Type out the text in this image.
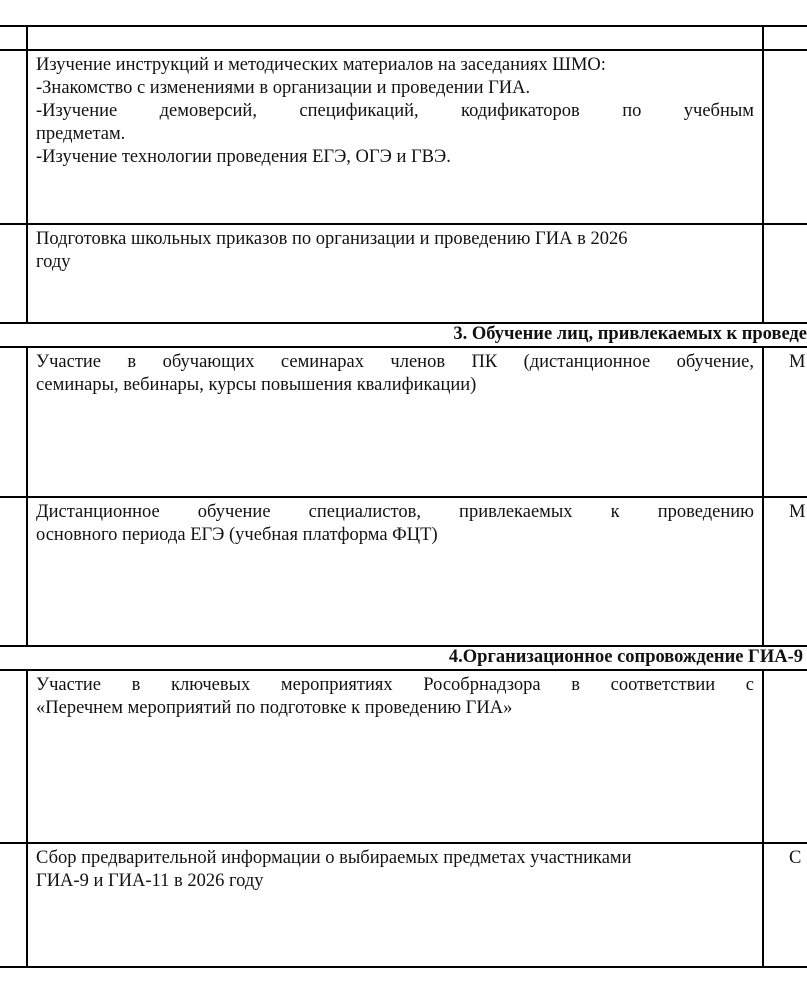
Изучение инструкций и методических материалов на заседаниях ШМО:

-Знакомство с изменениями в организации и проведении ГИА.

-Изучение демоверсий, спецификаций, кодификаторов по учебным

предметам.

-Изучение технологии проведения ЕГЭ, ОГЭ и ГВЭ.

Подготовка школьных приказов по организации и проведению ГИА в 2026

году

3. Обучение лиц, привлекаемых к проведе

Участие в обучающих семинарах членов ПК (дистанционное обучение,

семинары, вебинары, курсы повышения квалификации)

М

Дистанционное обучение специалистов, привлекаемых к проведению

основного периода ЕГЭ (учебная платформа ФЦТ)

М
4.Организационное сопровождение ГИА-9

Участие в ключевых мероприятиях Рособрнадзора в соответствии с

«Перечнем мероприятий по подготовке к проведению ГИА»

Сбор предварительной информации о выбираемых предметах участниками

ГИА-9 и ГИА-11 в 2026 году

С
